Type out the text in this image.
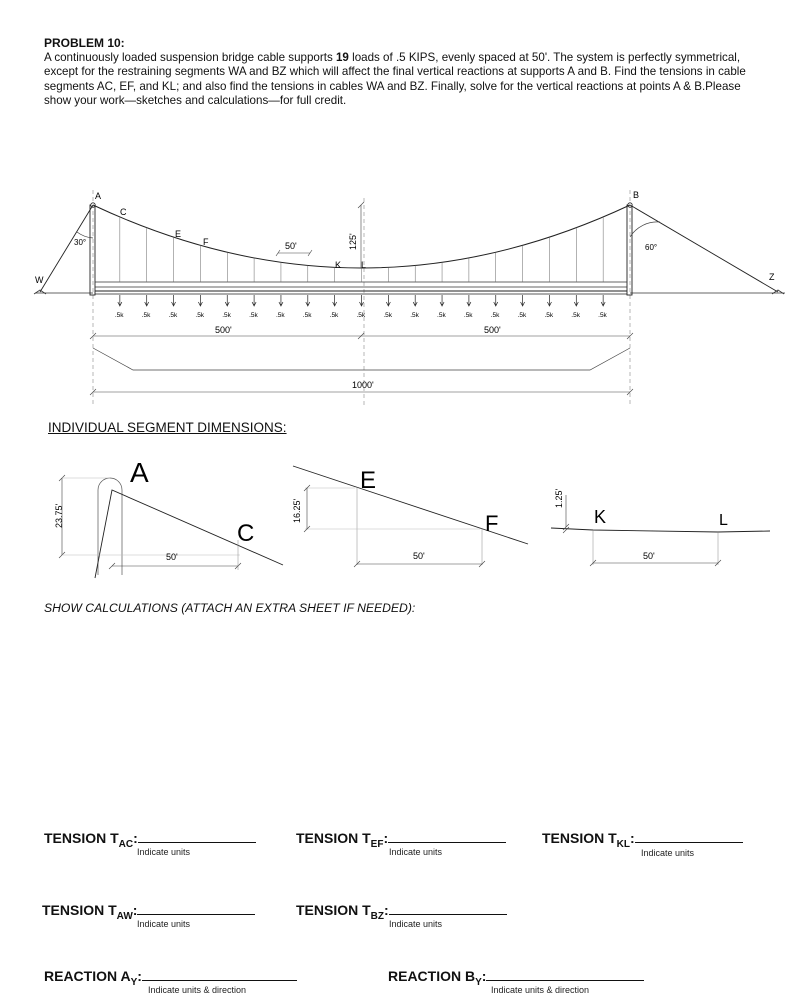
PROBLEM 10:
A continuously loaded suspension bridge cable supports 19 loads of .5 KIPS, evenly spaced at 50'. The system is perfectly symmetrical, except for the restraining segments WA and BZ which will affect the final vertical reactions at supports A and B. Find the tensions in cable segments AC, EF, and KL; and also find the tensions in cables WA and BZ. Finally, solve for the vertical reactions at points A & B.Please show your work—sketches and calculations—for full credit.
30°
60°
A	B
C
E
F
K L
W	Z
50'	125'
.5k	.5k	.5k	.5k	.5k	.5k	.5k	.5k	.5k	.5k	.5k	.5k	.5k	.5k	.5k	.5k	.5k	.5k	.5k
500'	500'
1000'
A
C
23.75'
50'
E
F
16.25'
50'
K	L
1.25'
50'
INDIVIDUAL SEGMENT DIMENSIONS:
SHOW CALCULATIONS (ATTACH AN EXTRA SHEET IF NEEDED):
TENSION $T_{AC}$:
Indicate units
TENSION $T_{EF}$:
Indicate units
TENSION $T_{KL}$:
Indicate units
TENSION $T_{AW}$:
Indicate units
TENSION $T_{BZ}$:
Indicate units
REACTION $A_Y$:
Indicate units & direction
REACTION $B_Y$:
Indicate units & direction
